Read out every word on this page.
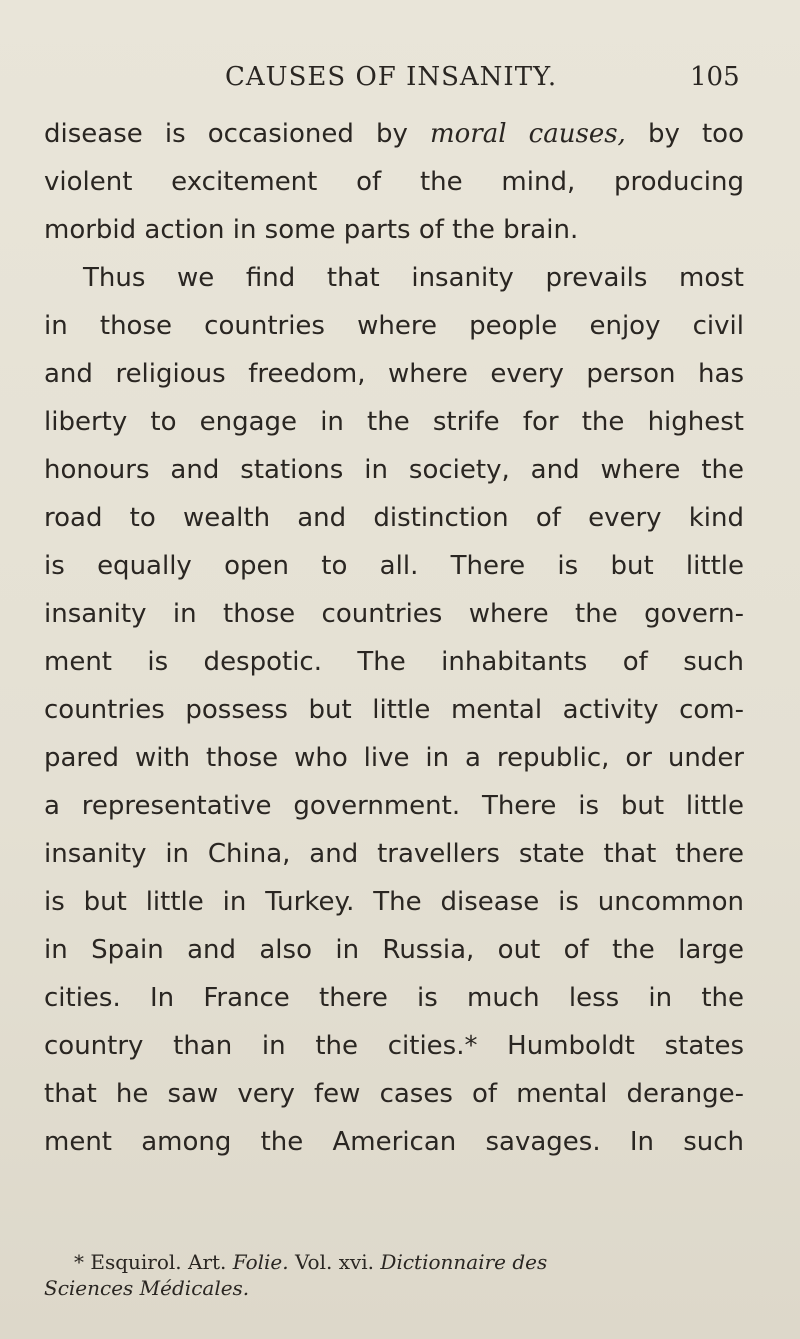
CAUSES OF INSANITY.	105
disease is occasioned by moral causes, by too
violent excitement of the mind, producing
morbid action in some parts of the brain.
Thus we find that insanity prevails most
in those countries where people enjoy civil
and religious freedom, where every person has
liberty to engage in the strife for the highest
honours and stations in society, and where the
road to wealth and distinction of every kind
is equally open to all. There is but little
insanity in those countries where the govern-
ment is despotic. The inhabitants of such
countries possess but little mental activity com-
pared with those who live in a republic, or under
a representative government. There is but little
insanity in China, and travellers state that there
is but little in Turkey. The disease is uncommon
in Spain and also in Russia, out of the large
cities. In France there is much less in the
country than in the cities.* Humboldt states
that he saw very few cases of mental derange-
ment among the American savages. In such
* Esquirol. Art. Folie. Vol. xvi. Dictionnaire des
Sciences Médicales.
